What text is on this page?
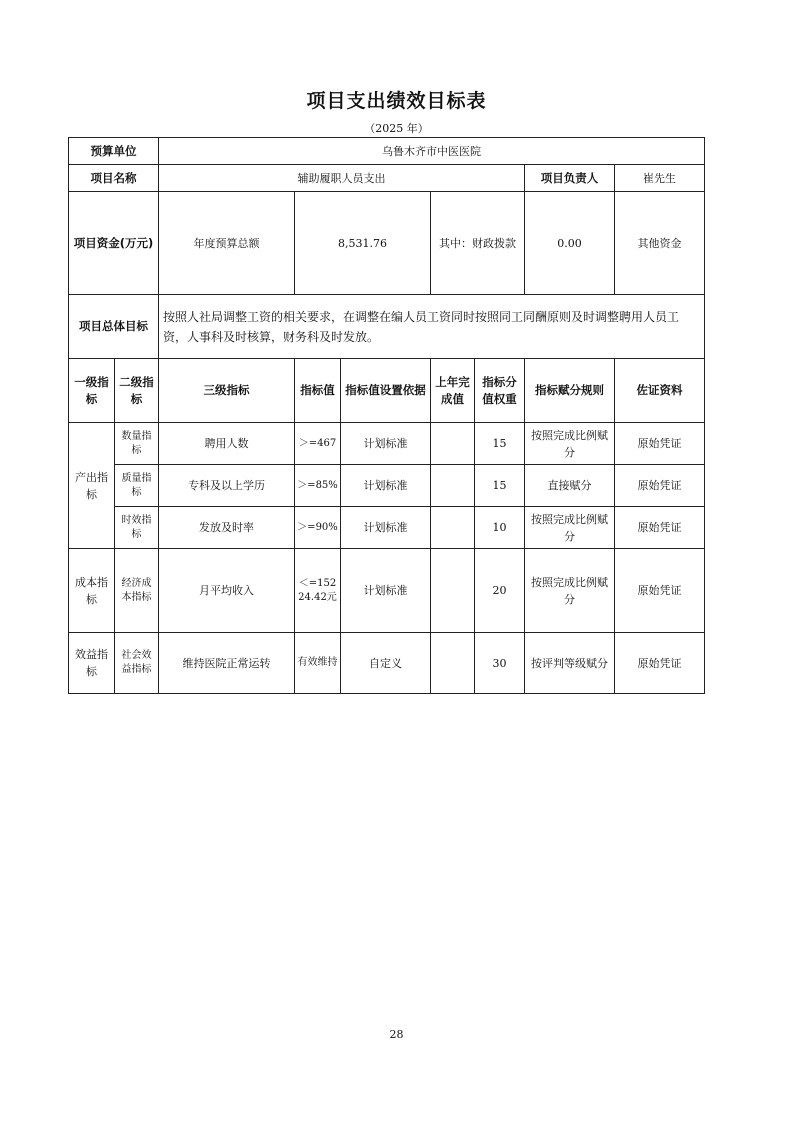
项目支出绩效目标表
（2025 年）
预算单位		乌鲁木齐市中医医院							
项目名称		辅助履职人员支出					项目负责人	崔先生	
项目资金(万元)		年度预算总额	8,531.76		其中：财政拨款		0.00	其他资金	
项目总体目标		按照人社局调整工资的相关要求，在调整在编人员工资同时按照同工同酬原则及时调整聘用人员工资，人事科及时核算，财务科及时发放。							
一级指标	二级指标	三级指标	指标值	指标值设置依据	上年完成值	指标分值权重	指标赋分规则	佐证资料	
产出指标	数量指标	聘用人数	＞=467	计划标准		15	按照完成比例赋分	原始凭证	
	质量指标	专科及以上学历	＞=85%	计划标准		15	直接赋分	原始凭证	
	时效指标	发放及时率	＞=90%	计划标准		10	按照完成比例赋分	原始凭证	
成本指标	经济成本指标	月平均收入	＜=15224.42元	计划标准		20	按照完成比例赋分	原始凭证	
效益指标	社会效益指标	维持医院正常运转	有效维持	自定义		30	按评判等级赋分	原始凭证	
28
